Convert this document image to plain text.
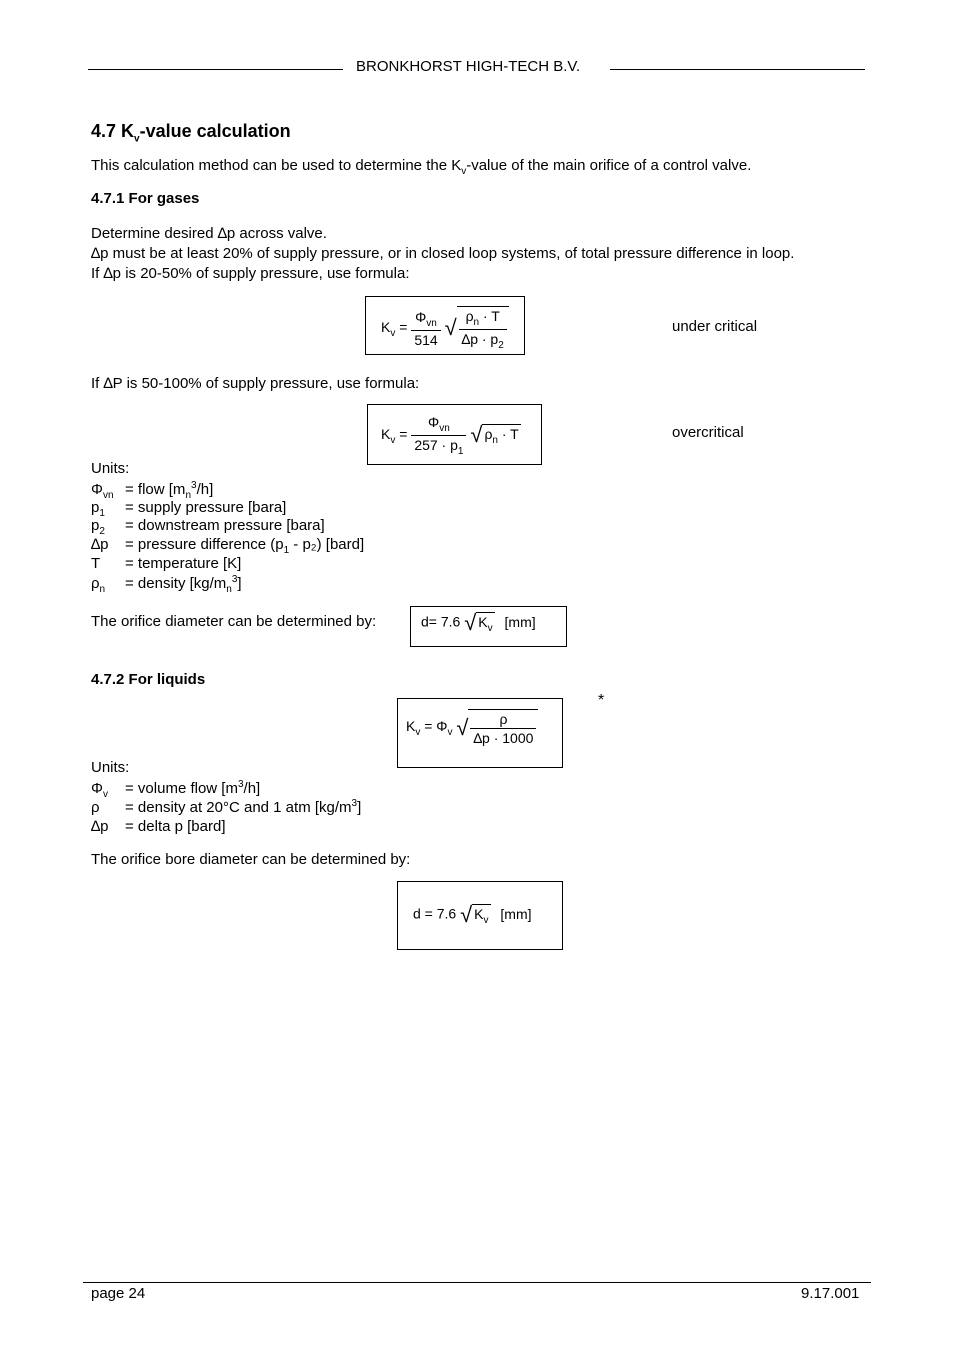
BRONKHORST HIGH-TECH B.V.
4.7 $K_v$-value calculation
This calculation method can be used to determine the $K_v$-value of the main orifice of a control valve.
4.7.1 For gases
Determine desired ∆p across valve.
∆p must be at least 20% of supply pressure, or in closed loop systems, of total pressure difference in loop.
If ∆p is 20-50% of supply pressure, use formula:
$K_v = \frac{\Phi_{vn}}{514}$ √ $\frac{\rho_n \cdot T}{\Delta p \cdot p_2}$	under critical
If ∆P is 50-100% of supply pressure, use formula:
$K_v = \frac{\Phi_{vn}}{257 \cdot p_1}$ √ $\rho_n \cdot T$	overcritical
Units:
$\Phi_{vn}$ = flow $[m_n^3/h]$
$p_1$ = supply pressure [bara]
$p_2$ = downstream pressure [bara]
∆p = pressure difference $(p_1 - p_2)$ [bard]
T = temperature [K]
$\rho_n$ = density $[kg/m_n^3]$
The orifice diameter can be determined by:	d= 7.6 √ $K_v$ [mm]
4.7.2 For liquids
*
$K_v = \Phi_v$ √ $\frac{\rho}{\Delta p \cdot 1000}$
Units:
$\Phi_v$ = volume flow $[m^3/h]$
ρ = density at 20°C and 1 atm $[kg/m^3]$
∆p = delta p [bard]
The orifice bore diameter can be determined by:
d = 7.6 √ $K_v$ [mm]
page 24	9.17.001
